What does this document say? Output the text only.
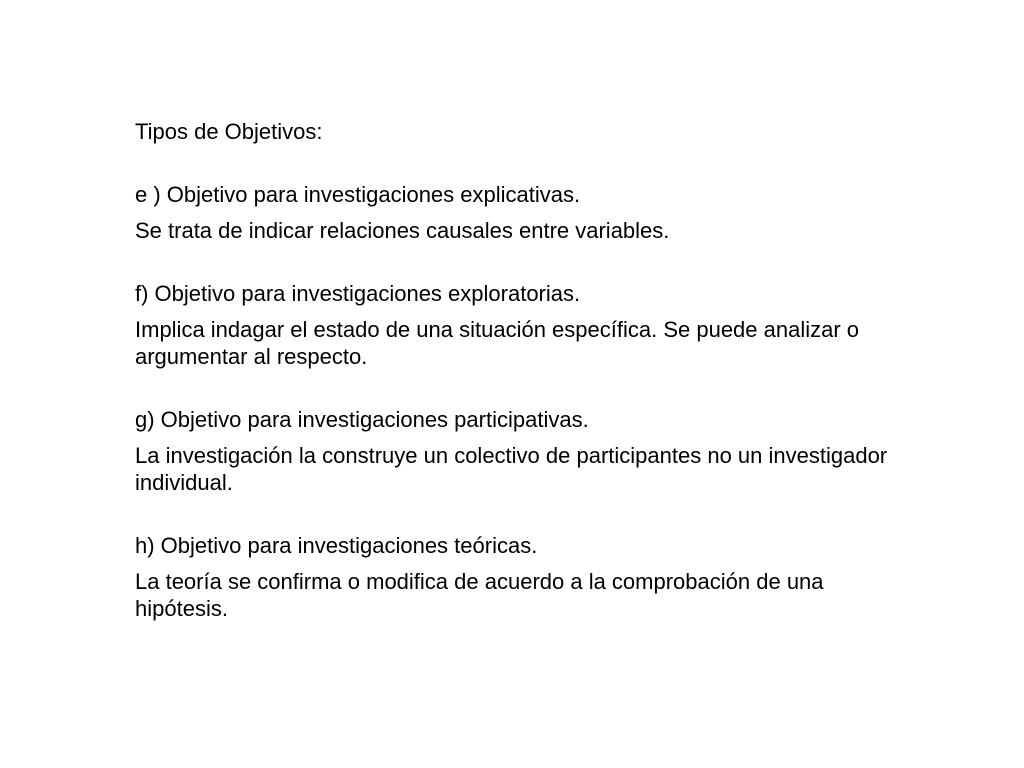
Tipos de Objetivos:

e ) Objetivo para investigaciones explicativas.

Se trata de indicar relaciones causales entre variables.

f) Objetivo para investigaciones exploratorias.

Implica indagar el estado de una situación específica. Se puede analizar o argumentar al respecto.

g) Objetivo para investigaciones participativas.

La investigación la construye un colectivo de participantes no un investigador individual.

h) Objetivo para investigaciones teóricas.

La teoría se confirma o modifica de acuerdo a la comprobación de una hipótesis.
